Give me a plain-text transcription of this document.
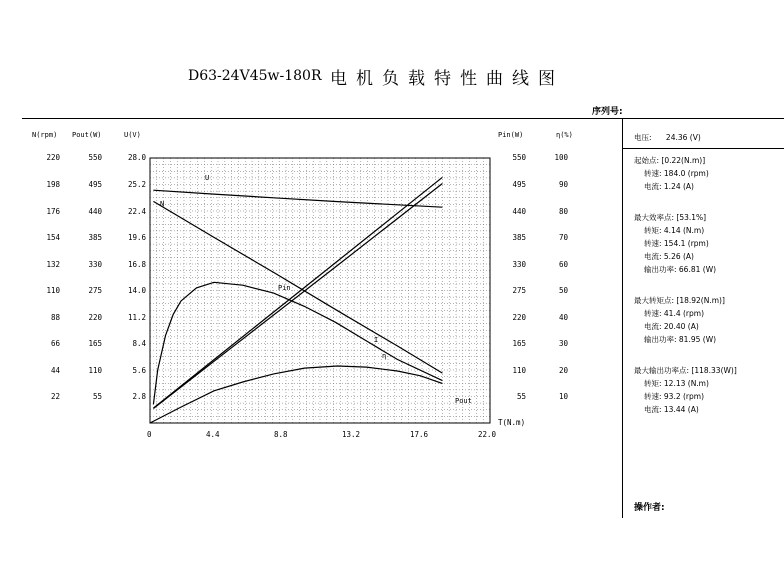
D63-24V45w-180R 电机负载特性曲线图
序列号:
N(rpm) Pout(W)	U(V)	Pin(W)	η(%)
220
198
176
154
132
110
88
66
44
22
550
495
440
385
330
275
220
165
110
55
28.0
25.2
22.4
19.6
16.8
14.0
11.2
8.4
5.6
2.8
550
495
440
385
330
275
220
165
110
55
100
90
80
70
60
50
40
30
20
10
0	4.4	8.8	13.2	17.6	22.0
T(N.m)
U
N
I
Pin
Pout
η
电压: 24.36 (V)
起始点: [0.22(N.m)]
转速: 184.0 (rpm)
电流: 1.24 (A)
最大效率点: [53.1%]
转矩: 4.14 (N.m)
转速: 154.1 (rpm)
电流: 5.26 (A)
输出功率: 66.81 (W)
最大转矩点: [18.92(N.m)]
转速: 41.4 (rpm)
电流: 20.40 (A)
输出功率: 81.95 (W)
最大输出功率点: [118.33(W)]
转矩: 12.13 (N.m)
转速: 93.2 (rpm)
电流: 13.44 (A)
操作者:
